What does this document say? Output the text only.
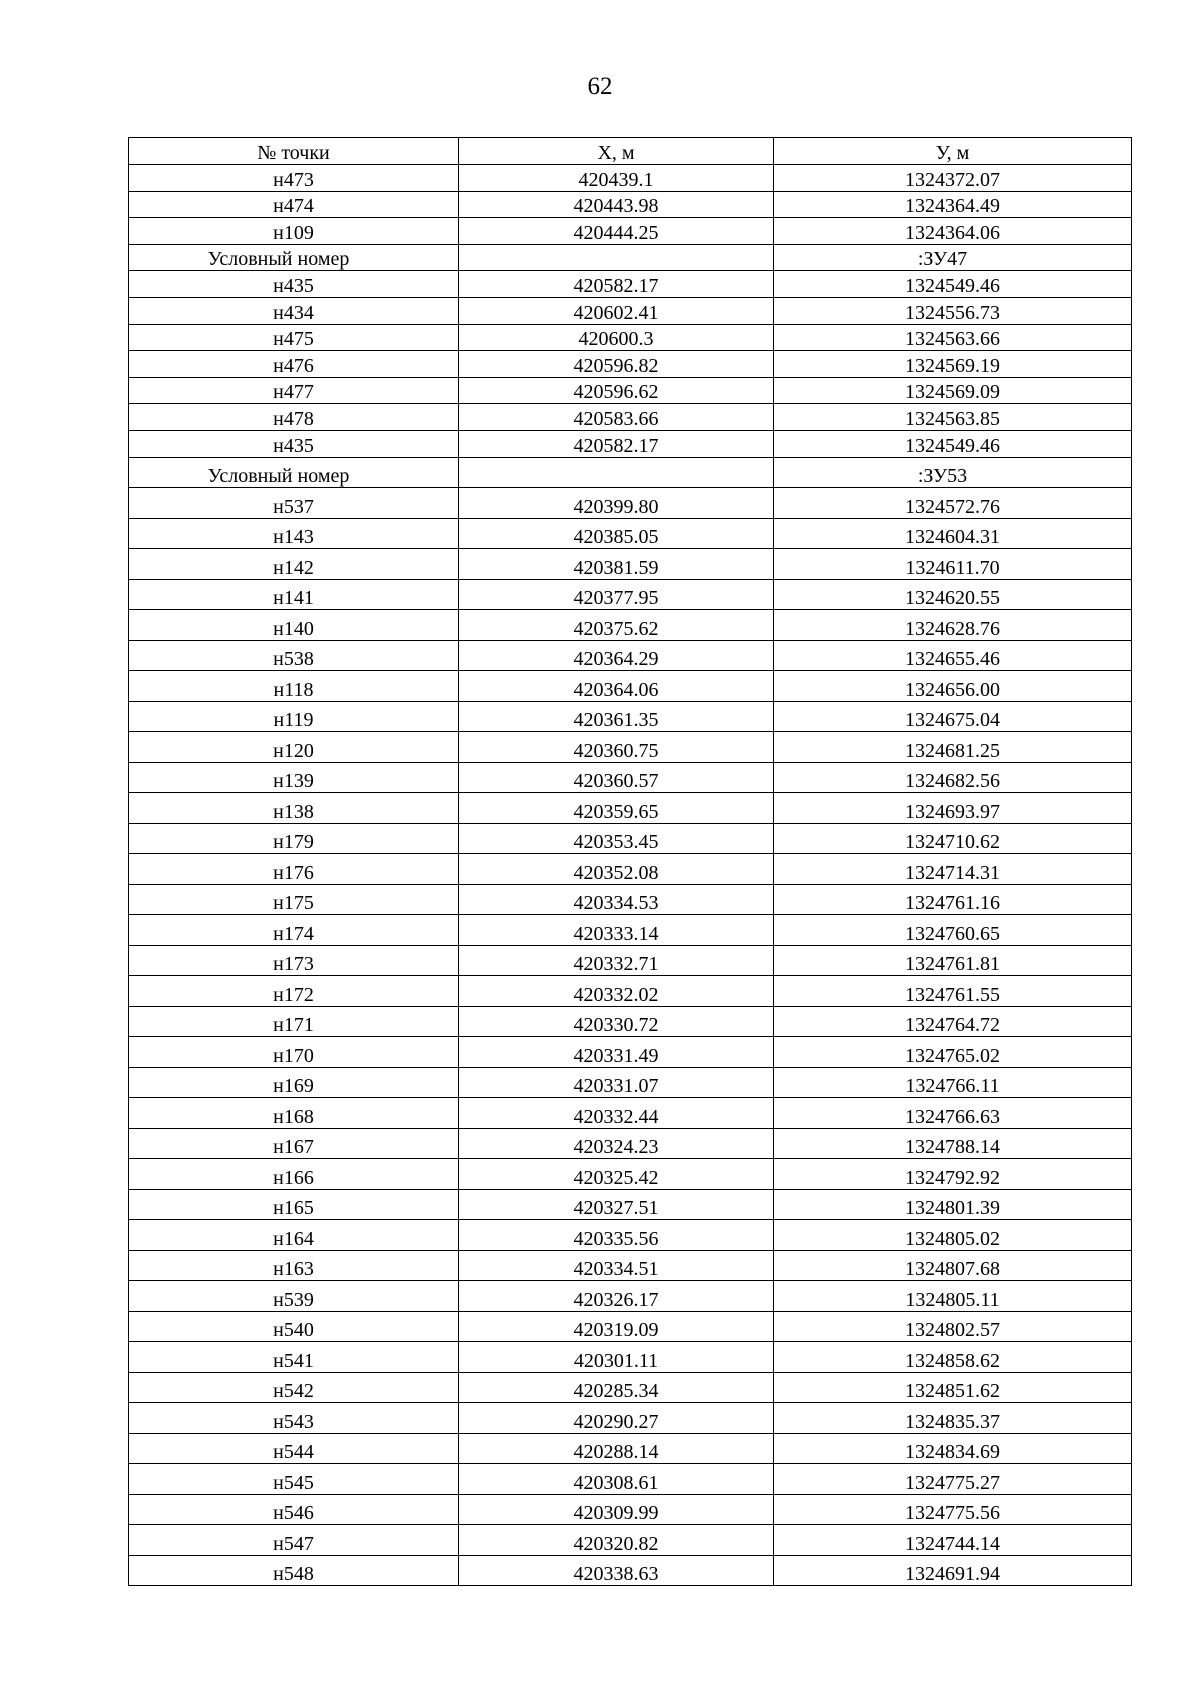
62
№ точки	Х, м	У, м
н473	420439.1	1324372.07
н474	420443.98	1324364.49
н109	420444.25	1324364.06
Условный номер		:ЗУ47
н435	420582.17	1324549.46
н434	420602.41	1324556.73
н475	420600.3	1324563.66
н476	420596.82	1324569.19
н477	420596.62	1324569.09
н478	420583.66	1324563.85
н435	420582.17	1324549.46
Условный номер		:ЗУ53
н537	420399.80	1324572.76
н143	420385.05	1324604.31
н142	420381.59	1324611.70
н141	420377.95	1324620.55
н140	420375.62	1324628.76
н538	420364.29	1324655.46
н118	420364.06	1324656.00
н119	420361.35	1324675.04
н120	420360.75	1324681.25
н139	420360.57	1324682.56
н138	420359.65	1324693.97
н179	420353.45	1324710.62
н176	420352.08	1324714.31
н175	420334.53	1324761.16
н174	420333.14	1324760.65
н173	420332.71	1324761.81
н172	420332.02	1324761.55
н171	420330.72	1324764.72
н170	420331.49	1324765.02
н169	420331.07	1324766.11
н168	420332.44	1324766.63
н167	420324.23	1324788.14
н166	420325.42	1324792.92
н165	420327.51	1324801.39
н164	420335.56	1324805.02
н163	420334.51	1324807.68
н539	420326.17	1324805.11
н540	420319.09	1324802.57
н541	420301.11	1324858.62
н542	420285.34	1324851.62
н543	420290.27	1324835.37
н544	420288.14	1324834.69
н545	420308.61	1324775.27
н546	420309.99	1324775.56
н547	420320.82	1324744.14
н548	420338.63	1324691.94
